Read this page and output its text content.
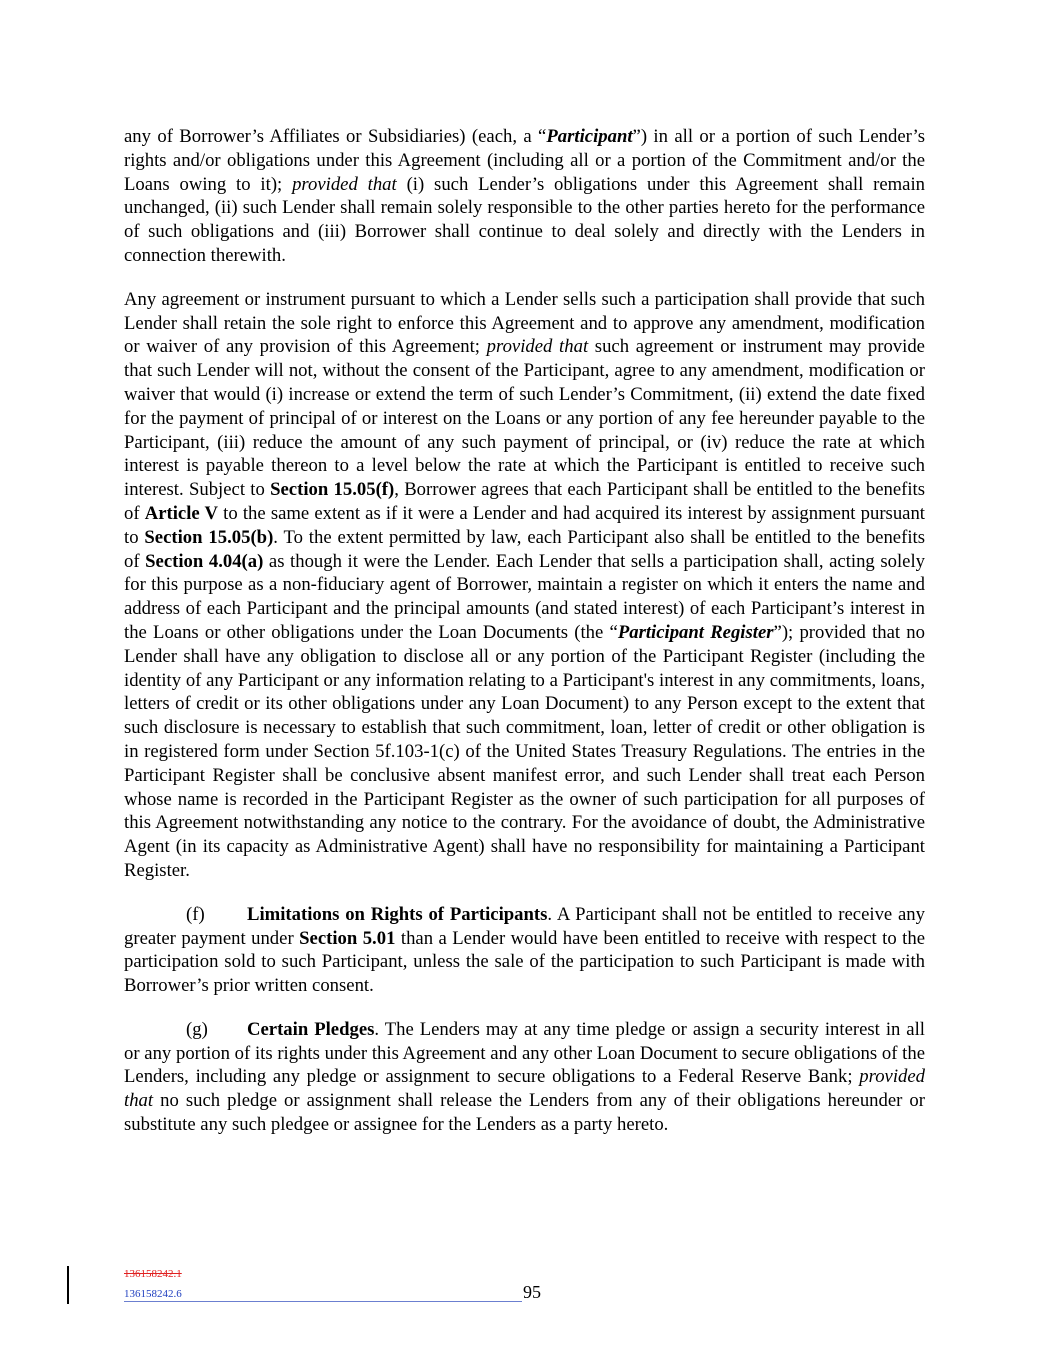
any of Borrower’s Affiliates or Subsidiaries) (each, a “Participant”) in all or a portion of such Lender’s rights and/or obligations under this Agreement (including all or a portion of the Commitment and/or the Loans owing to it); provided that (i) such Lender’s obligations under this Agreement shall remain unchanged, (ii) such Lender shall remain solely responsible to the other parties hereto for the performance of such obligations and (iii) Borrower shall continue to deal solely and directly with the Lenders in connection therewith.

Any agreement or instrument pursuant to which a Lender sells such a participation shall provide that such Lender shall retain the sole right to enforce this Agreement and to approve any amendment, modification or waiver of any provision of this Agreement; provided that such agreement or instrument may provide that such Lender will not, without the consent of the Participant, agree to any amendment, modification or waiver that would (i) increase or extend the term of such Lender’s Commitment, (ii) extend the date fixed for the payment of principal of or interest on the Loans or any portion of any fee hereunder payable to the Participant, (iii) reduce the amount of any such payment of principal, or (iv) reduce the rate at which interest is payable thereon to a level below the rate at which the Participant is entitled to receive such interest. Subject to Section 15.05(f), Borrower agrees that each Participant shall be entitled to the benefits of Article V to the same extent as if it were a Lender and had acquired its interest by assignment pursuant to Section 15.05(b). To the extent permitted by law, each Participant also shall be entitled to the benefits of Section 4.04(a) as though it were the Lender. Each Lender that sells a participation shall, acting solely for this purpose as a non-fiduciary agent of Borrower, maintain a register on which it enters the name and address of each Participant and the principal amounts (and stated interest) of each Participant’s interest in the Loans or other obligations under the Loan Documents (the “Participant Register”); provided that no Lender shall have any obligation to disclose all or any portion of the Participant Register (including the identity of any Participant or any information relating to a Participant's interest in any commitments, loans, letters of credit or its other obligations under any Loan Document) to any Person except to the extent that such disclosure is necessary to establish that such commitment, loan, letter of credit or other obligation is in registered form under Section 5f.103-1(c) of the United States Treasury Regulations. The entries in the Participant Register shall be conclusive absent manifest error, and such Lender shall treat each Person whose name is recorded in the Participant Register as the owner of such participation for all purposes of this Agreement notwithstanding any notice to the contrary. For the avoidance of doubt, the Administrative Agent (in its capacity as Administrative Agent) shall have no responsibility for maintaining a Participant Register.

(f) Limitations on Rights of Participants. A Participant shall not be entitled to receive any greater payment under Section 5.01 than a Lender would have been entitled to receive with respect to the participation sold to such Participant, unless the sale of the participation to such Participant is made with Borrower’s prior written consent.

(g) Certain Pledges. The Lenders may at any time pledge or assign a security interest in all or any portion of its rights under this Agreement and any other Loan Document to secure obligations of the Lenders, including any pledge or assignment to secure obligations to a Federal Reserve Bank; provided that no such pledge or assignment shall release the Lenders from any of their obligations hereunder or substitute any such pledgee or assignee for the Lenders as a party hereto.

136158242.1
136158242.6	95
